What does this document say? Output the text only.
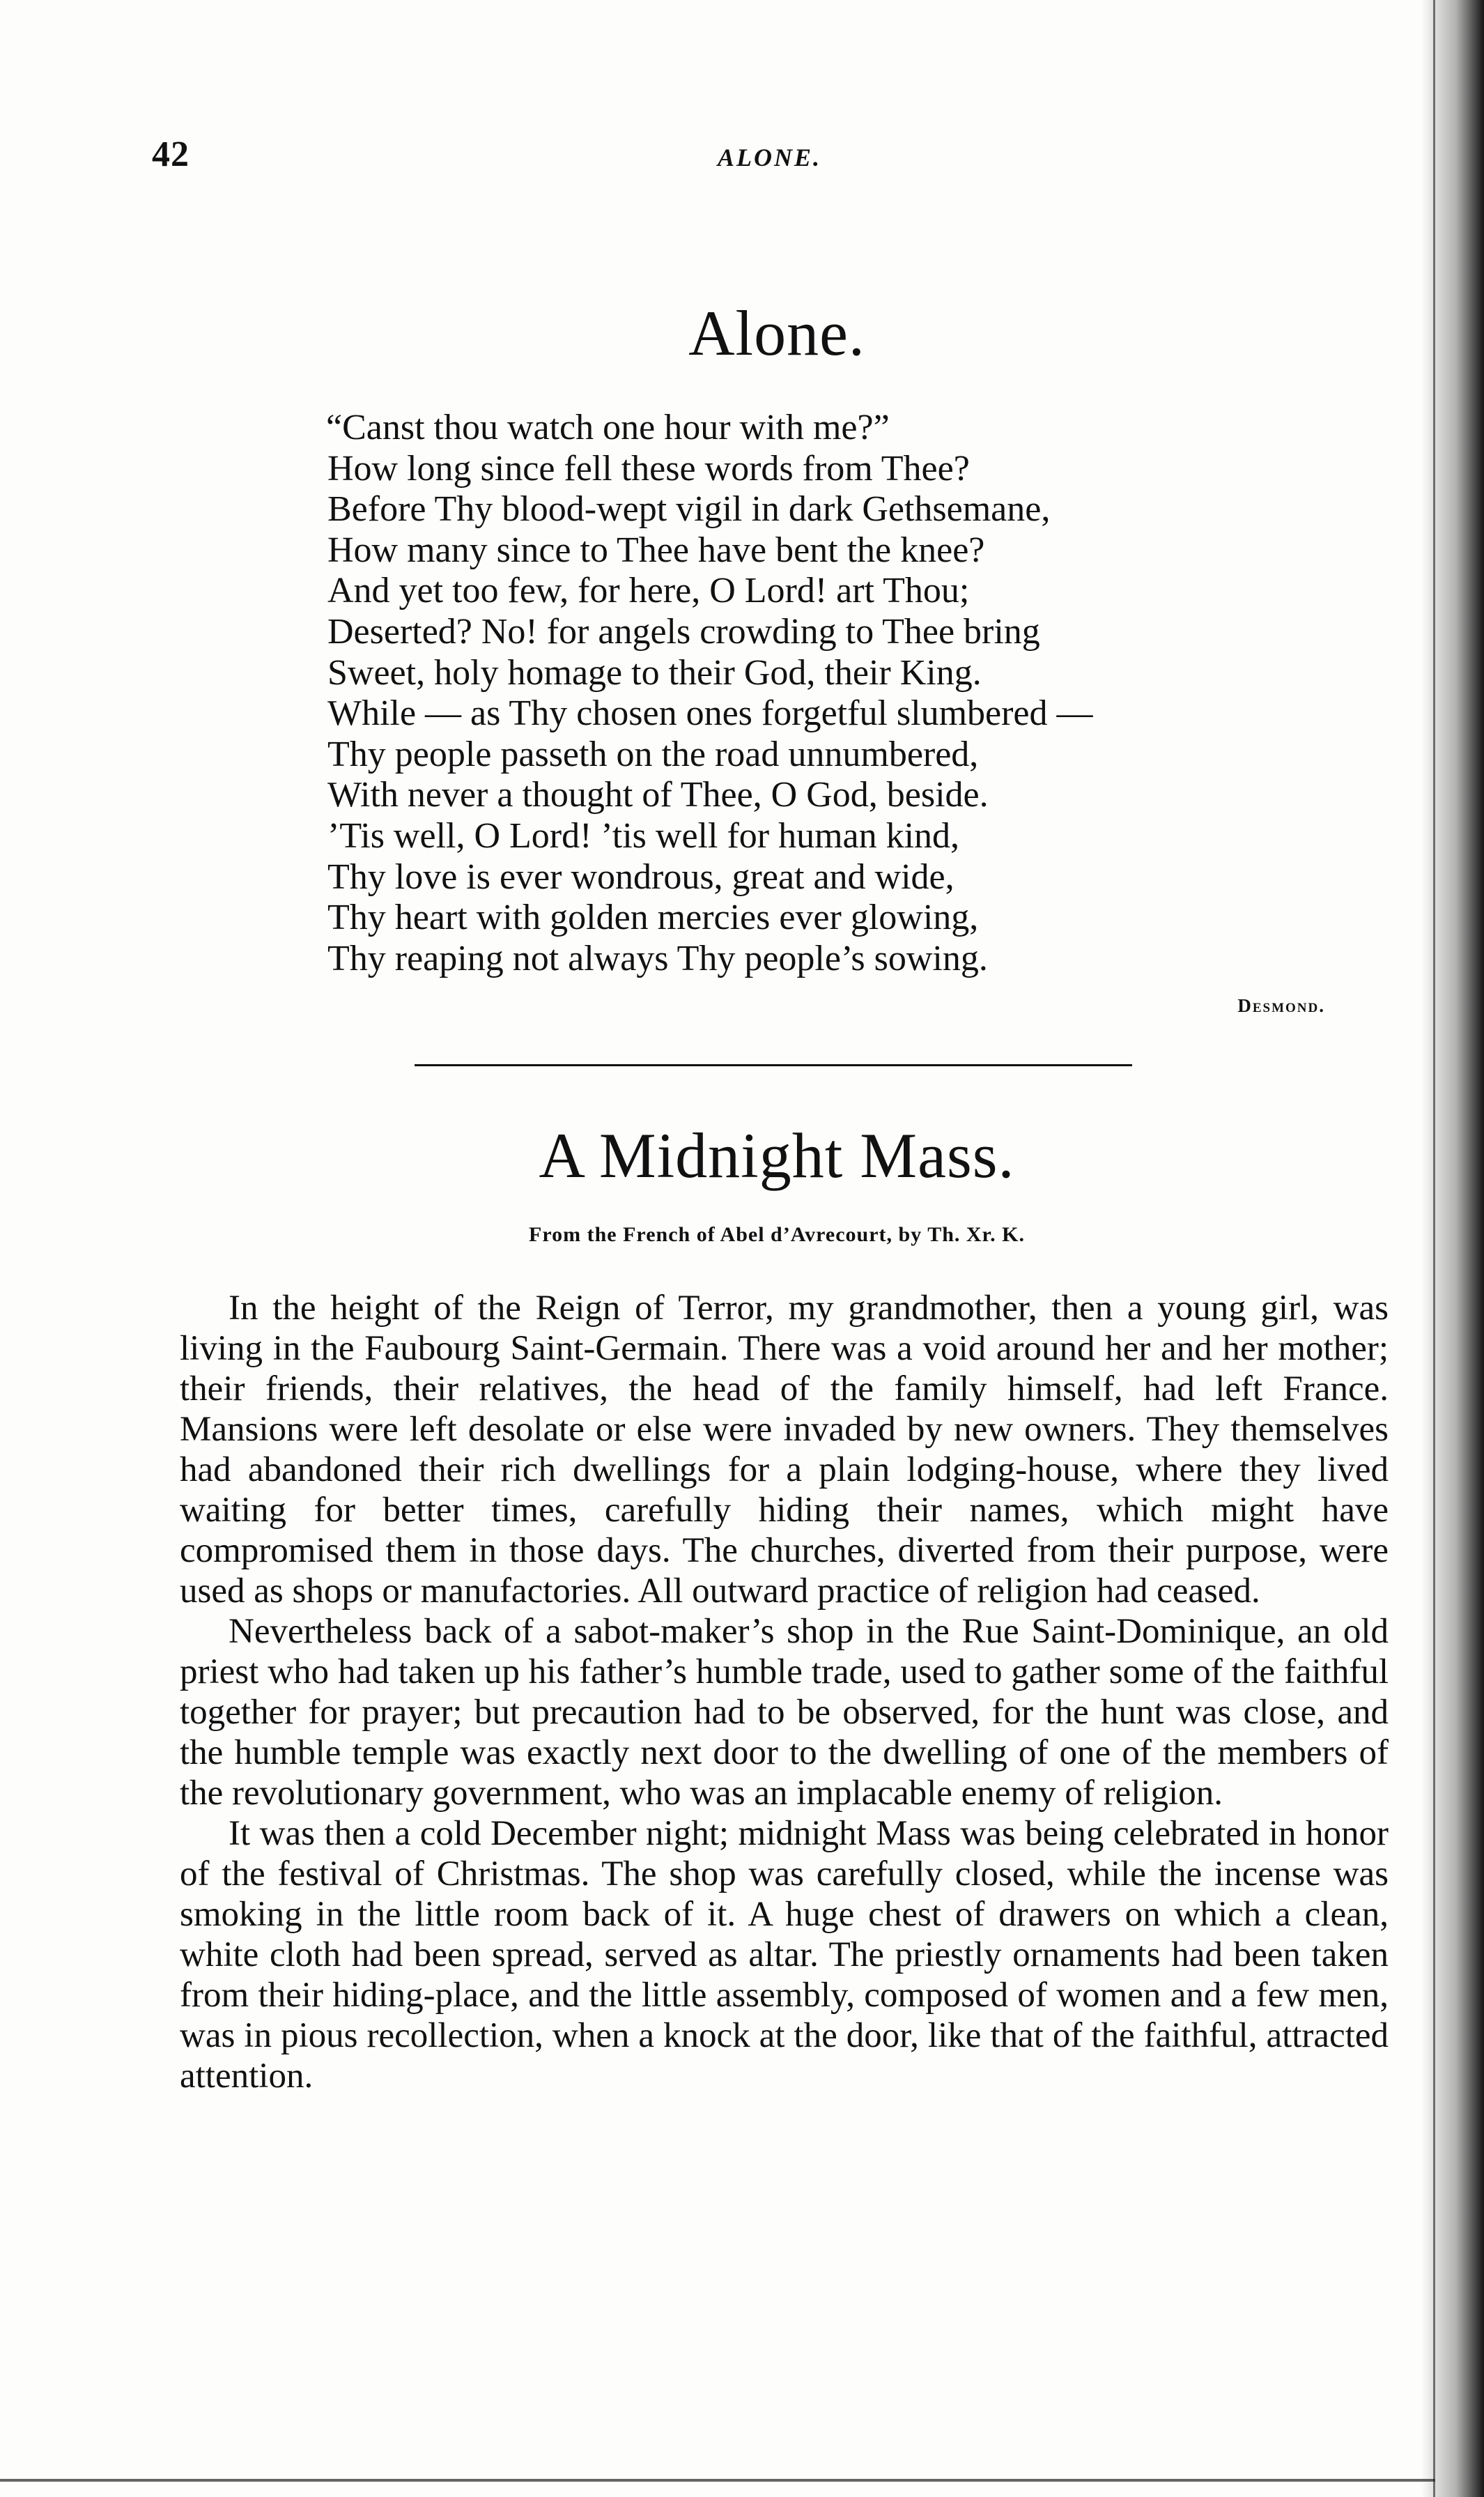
42	ALONE.
Alone.
“Canst thou watch one hour with me?”
How long since fell these words from Thee?
Before Thy blood-wept vigil in dark Gethsemane,
How many since to Thee have bent the knee?
And yet too few, for here, O Lord! art Thou;
Deserted? No! for angels crowding to Thee bring
Sweet, holy homage to their God, their King.
While — as Thy chosen ones forgetful slumbered —
Thy people passeth on the road unnumbered,
With never a thought of Thee, O God, beside.
’Tis well, O Lord! ’tis well for human kind,
Thy love is ever wondrous, great and wide,
Thy heart with golden mercies ever glowing,
Thy reaping not always Thy people’s sowing.
Desmond.
A Midnight Mass.
From the French of Abel d’Avrecourt, by Th. Xr. K.

In the height of the Reign of Terror, my grandmother, then a young girl, was living in the Faubourg Saint-Germain. There was a void around her and her mother; their friends, their relatives, the head of the family himself, had left France. Mansions were left desolate or else were invaded by new owners. They themselves had abandoned their rich dwellings for a plain lodging-house, where they lived waiting for better times, carefully hiding their names, which might have compromised them in those days. The churches, diverted from their purpose, were used as shops or manufactories. All outward practice of religion had ceased.

Nevertheless back of a sabot-maker’s shop in the Rue Saint-Dominique, an old priest who had taken up his father’s humble trade, used to gather some of the faithful together for prayer; but precaution had to be observed, for the hunt was close, and the humble temple was exactly next door to the dwelling of one of the members of the revolutionary government, who was an implacable enemy of religion.

It was then a cold December night; midnight Mass was being celebrated in honor of the festival of Christmas. The shop was carefully closed, while the incense was smoking in the little room back of it. A huge chest of drawers on which a clean, white cloth had been spread, served as altar. The priestly ornaments had been taken from their hiding-place, and the little assembly, composed of women and a few men, was in pious recollection, when a knock at the door, like that of the faithful, attracted attention.
